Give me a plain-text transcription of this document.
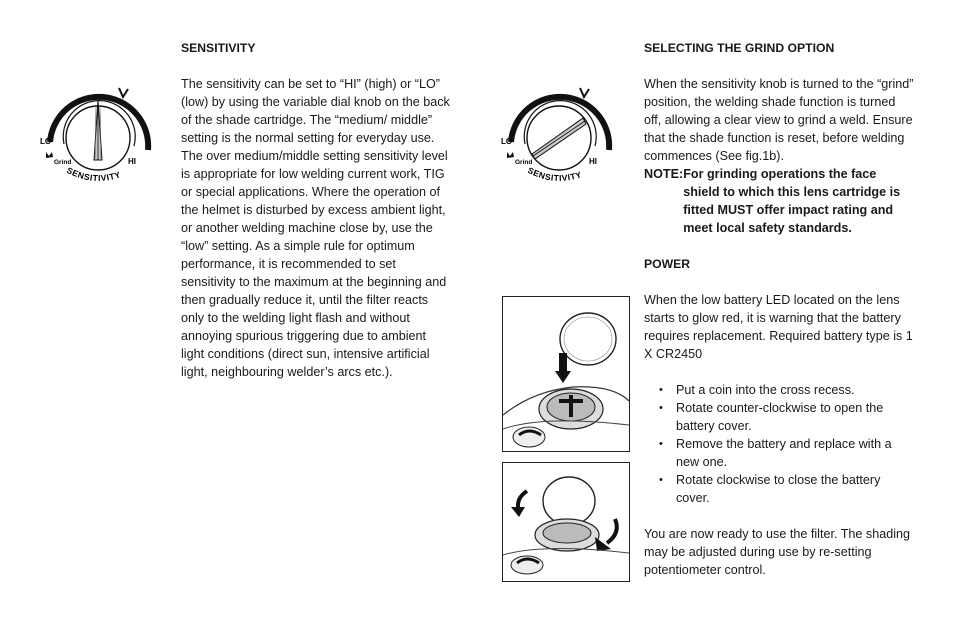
LO
HI
Grind
SENSITIVITY

SENSITIVITY

The sensitivity can be set to “HI” (high) or “LO” (low) by using the variable dial knob on the back of the shade cartridge. The “medium/ middle” setting is the normal setting for everyday use. The over medium/middle setting sensitivity level is appropriate for low welding current work, TIG or special applications. Where the operation of the helmet is disturbed by excess ambient light, or another welding machine close by, use the “low” setting. As a simple rule for optimum performance, it is recommended to set sensitivity to the maximum at the beginning and then gradually reduce it, until the filter reacts only to the welding light flash and without annoying spurious triggering due to ambient light conditions (direct sun, intensive artificial light, neighbouring welder’s arcs etc.).

LO
HI
Grind
SENSITIVITY

SELECTING THE GRIND OPTION

When the sensitivity knob is turned to the “grind” position, the welding shade function is turned off, allowing a clear view to grind a weld. Ensure that the shade function is reset, before welding commences (See fig.1b).

NOTE: For grinding operations the face shield to which this lens cartridge is fitted MUST offer impact rating and meet local safety standards.

POWER

When the low battery LED located on the lens starts to glow red, it is warning that the battery requires replacement. Required battery type is 1 X CR2450

• Put a coin into the cross recess.
• Rotate counter-clockwise to open the battery cover.
• Remove the battery and replace with a new one.
• Rotate clockwise to close the battery cover.

You are now ready to use the filter. The shading may be adjusted during use by re-setting potentiometer control.
